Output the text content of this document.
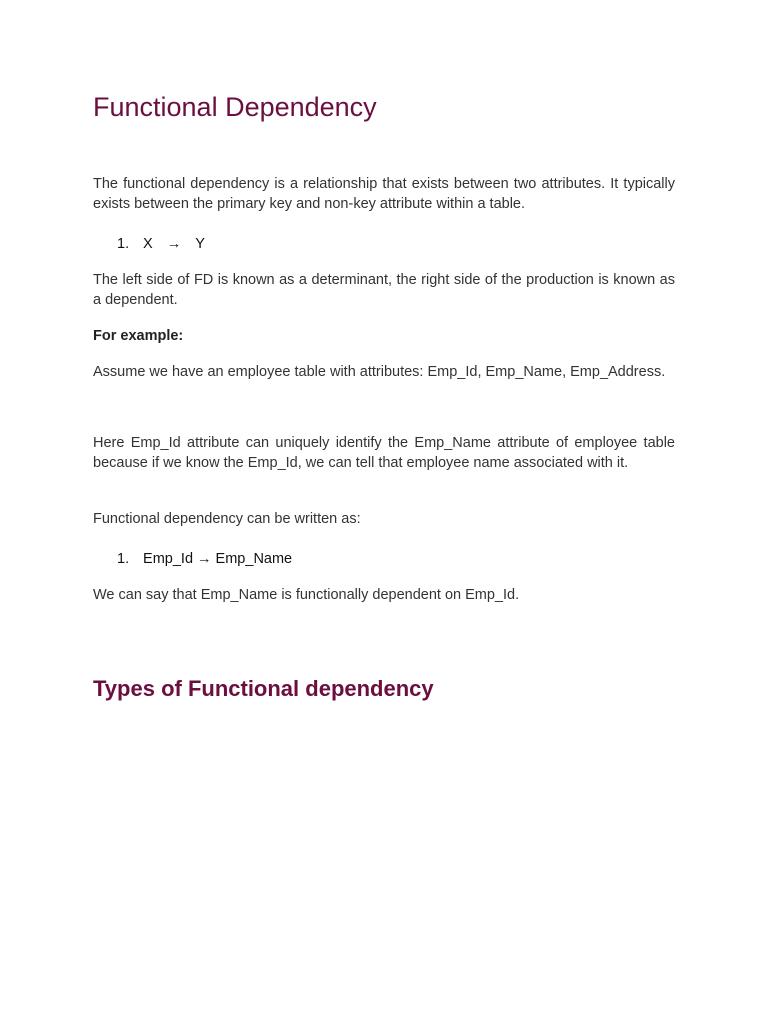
Functional Dependency

The functional dependency is a relationship that exists between two attributes. It typically exists between the primary key and non-key attribute within a table.

1. X → Y

The left side of FD is known as a determinant, the right side of the production is known as a dependent.

For example:

Assume we have an employee table with attributes: Emp_Id, Emp_Name, Emp_Address.

Here Emp_Id attribute can uniquely identify the Emp_Name attribute of employee table because if we know the Emp_Id, we can tell that employee name associated with it.

Functional dependency can be written as:

1. Emp_Id → Emp_Name

We can say that Emp_Name is functionally dependent on Emp_Id.

Types of Functional dependency
